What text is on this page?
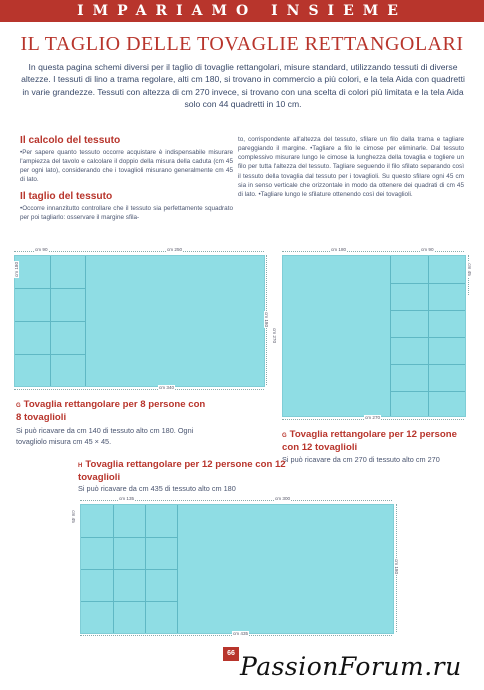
IMPARIAMO INSIEME
IL TAGLIO DELLE TOVAGLIE RETTANGOLARI
In questa pagina schemi diversi per il taglio di tovaglie rettangolari, misure standard, utilizzando tessuti di diverse altezze. I tessuti di lino a trama regolare, alti cm 180, si trovano in commercio a più colori, e la tela Aida con quadretti in varie grandezze. Tessuti con altezza di cm 270 invece, si trovano con una scelta di colori più limitata e la tela Aida solo con 44 quadretti in 10 cm.
Il calcolo del tessuto
•Per sapere quanto tessuto occorre acquistare è indispensabile misurare l'ampiezza del tavolo e calcolare il doppio della misura della caduta (cm 45 per ogni lato), considerando che i tovaglioli misurano generalmente cm 45 di lato.
Il taglio del tessuto
•Occorre innanzitutto controllare che il tessuto sia perfettamente squadrato per poi tagliarlo: osservare il margine sfila-
to, corrispondente all'altezza del tessuto, sfilare un filo dalla trama e tagliare pareggiando il margine. •Tagliare a filo le cimose per eliminarle. Dal tessuto complessivo misurare lungo le cimose la lunghezza della tovaglia e togliere un filo per tutta l'altezza del tessuto. Tagliare seguendo il filo sfilato separando così il tessuto della tovaglia dal tessuto per i tovaglioli. Su questo sfilare ogni 45 cm sia in senso verticale che orizzontale in modo da ottenere dei quadrati di cm 45 di lato. •Tagliare lungo le sfilature ottenendo così dei tovaglioli.
cm 90	cm 250
cm 180
cm 180
cm 340
G Tovaglia rettangolare per 8 persone con 8 tovaglioli
Si può ricavare da cm 140 di tessuto alto cm 180. Ogni tovagliolo misura cm 45 × 45.
cm 180	cm 90
cm 270
cm 45
cm 270
G Tovaglia rettangolare per 12 persone con 12 tovaglioli
Si può ricavare da cm 270 di tessuto alto cm 270
H Tovaglia rettangolare per 12 persone con 12 tovaglioli
Si può ricavare da cm 435 di tessuto alto cm 180
cm 135	cm 300
cm 45
cm 180
cm 435
66 PassionForum.ru
